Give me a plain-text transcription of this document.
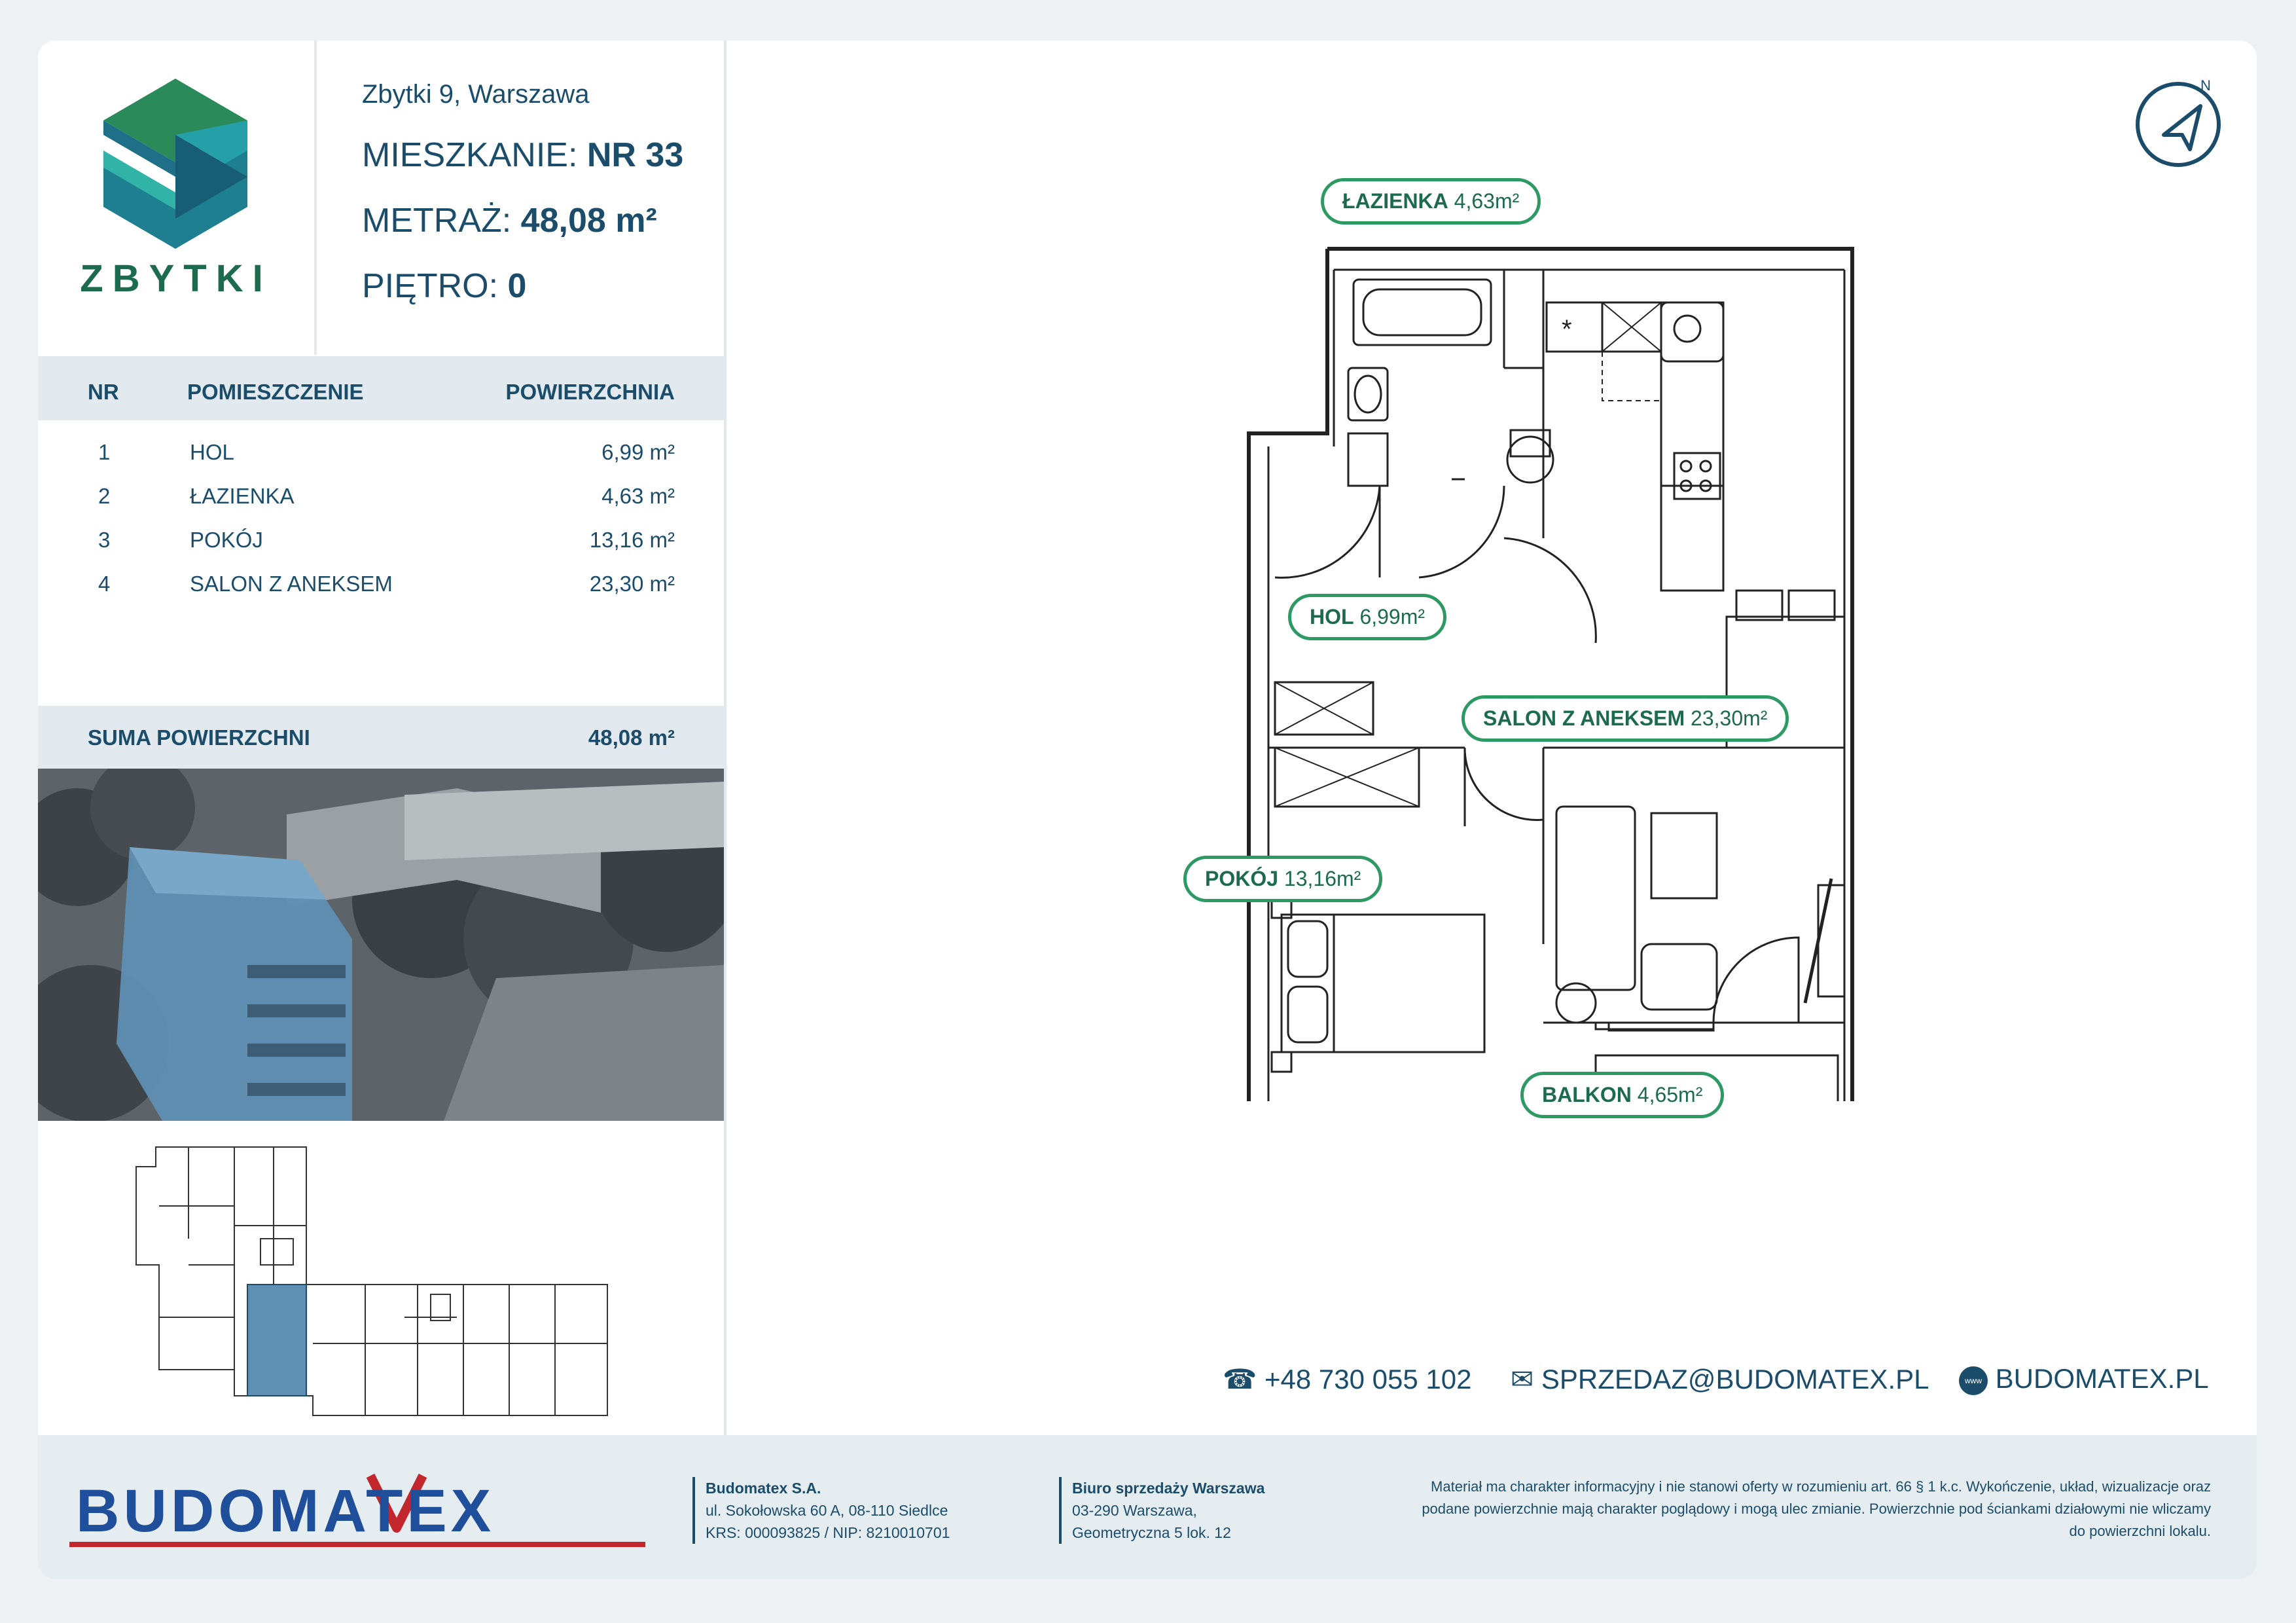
ZBYTKI
Zbytki 9, Warszawa
MIESZKANIE: NR 33
METRAŻ: 48,08 m²
PIĘTRO: 0
NR	POMIESZCZENIE	POWIERZCHNIA
1	HOL	6,99 m²
2	ŁAZIENKA	4,63 m²
3	POKÓJ	13,16 m²
4	SALON Z ANEKSEM	23,30 m²
SUMA POWIERZCHNI	48,08 m²
N
*
ŁAZIENKA 4,63m²
HOL 6,99m²
SALON Z ANEKSEM 23,30m²
POKÓJ 13,16m²
BALKON 4,65m²
☎ +48 730 055 102 ✉ SPRZEDAZ@BUDOMATEX.PL	www BUDOMATEX.PL
BUDOMATEX	Budomatex S.A.
ul. Sokołowska 60 A, 08-110 Siedlce
KRS: 000093825 / NIP: 8210010701
Biuro sprzedaży Warszawa
03-290 Warszawa,
Geometryczna 5 lok. 12
Materiał ma charakter informacyjny i nie stanowi oferty w rozumieniu art. 66 § 1 k.c. Wykończenie, układ, wizualizacje oraz podane powierzchnie mają charakter poglądowy i mogą ulec zmianie. Powierzchnie pod ściankami działowymi nie wliczamy do powierzchni lokalu.
